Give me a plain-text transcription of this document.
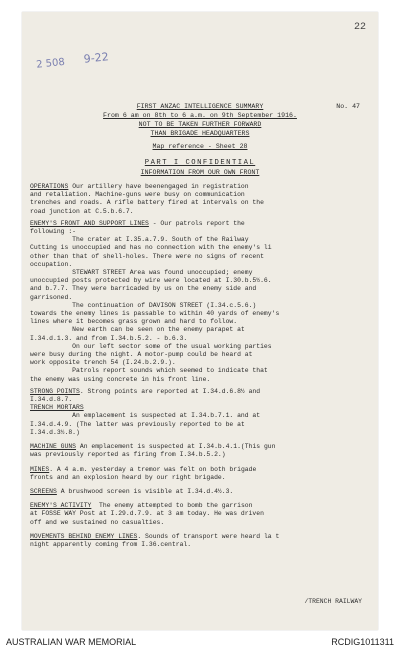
22
2 508 9-22
FIRST ANZAC INTELLIGENCE SUMMARY	No. 47
From 6 am on 8th to 6 a.m. on 9th September 1916.
NOT TO BE TAKEN FURTHER FORWARD
THAN BRIGADE HEADQUARTERS
Map reference - Sheet 28
PART I CONFIDENTIAL
INFORMATION FROM OUR OWN FRONT
OPERATIONS Our artillery have beenengaged in registration
and retaliation. Machine-guns were busy on communication
trenches and roads. A rifle battery fired at intervals on the
road junction at C.5.b.6.7.
ENEMY'S FRONT AND SUPPORT LINES - Our patrols report the
following :-
The crater at I.35.a.7.9. South of the Railway
Cutting is unoccupied and has no connection with the enemy's li
other than that of shell-holes. There were no signs of recent
occupation.
STEWART STREET Area was found unoccupied; enemy
unoccupied posts protected by wire were located at I.30.b.5½.6.
and b.7.7. They were barricaded by us on the enemy side and
garrisoned.
The continuation of DAVISON STREET (I.34.c.5.6.)
towards the enemy lines is passable to within 40 yards of enemy's
lines where it becomes grass grown and hard to follow.
New earth can be seen on the enemy parapet at
I.34.d.1.3. and from I.34.b.5.2. - b.6.3.
On our left sector some of the usual working parties
were busy during the night. A motor-pump could be heard at
work opposite trench 54 (I.24.b.2.9.).
Patrols report sounds which seemed to indicate that
the enemy was using concrete in his front line.
STRONG POINTS. Strong points are reported at I.34.d.6.8½ and
I.34.d.8.7.
TRENCH MORTARS
An emplacement is suspected at I.34.b.7.1. and at
I.34.d.4.9. (The latter was previously reported to be at
I.34.d.3½.8.)
MACHINE GUNS An emplacement is suspected at I.34.b.4.1.(This gun
was previously reported as firing from I.34.b.5.2.)
MINES. A 4 a.m. yesterday a tremor was felt on both brigade
fronts and an explosion heard by our right brigade.
SCREENS A brushwood screen is visible at I.34.d.4½.3.
ENEMY'S ACTIVITY  The enemy attempted to bomb the garrison
at FOSSE WAY Post at I.29.d.7.9. at 3 am today. He was driven
off and we sustained no casualties.
MOVEMENTS BEHIND ENEMY LINES. Sounds of transport were heard la t
night apparently coming from I.36.central.
/TRENCH RAILWAY
AUSTRALIAN WAR MEMORIAL	RCDIG1011311
